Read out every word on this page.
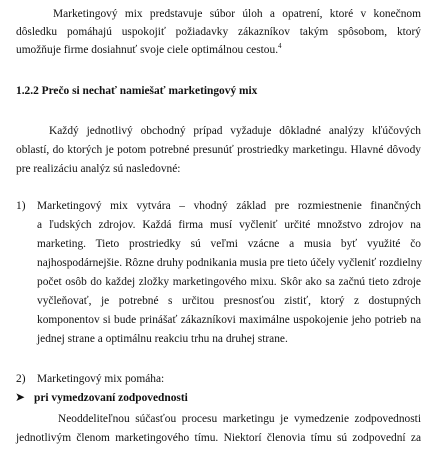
Marketingový mix predstavuje súbor úloh a opatrení, ktoré v konečnom
dôsledku pomáhajú uspokojiť požiadavky zákazníkov takým spôsobom, ktorý
umožňuje firme dosiahnuť svoje ciele optimálnou cestou.$^4$
1.2.2 Prečo si nechať namiešať marketingový mix
Každý jednotlivý obchodný prípad vyžaduje dôkladné analýzy kľúčových
oblastí, do ktorých je potom potrebné presunúť prostriedky marketingu. Hlavné dôvody
pre realizáciu analýz sú nasledovné:
1)	Marketingový mix vytvára – vhodný základ pre rozmiestnenie finančných
a ľudských zdrojov. Každá firma musí vyčleniť určité množstvo zdrojov na
marketing. Tieto prostriedky sú veľmi vzácne a musia byť využité čo
najhospodárnejšie. Rôzne druhy podnikania musia pre tieto účely vyčleniť rozdielny
počet osôb do každej zložky marketingového mixu. Skôr ako sa začnú tieto zdroje
vyčleňovať, je potrebné s určitou presnosťou zistiť, ktorý z dostupných
komponentov si bude prinášať zákazníkovi maximálne uspokojenie jeho potrieb na
jednej strane a optimálnu reakciu trhu na druhej strane.
2)	Marketingový mix pomáha:
➤ pri vymedzovaní zodpovednosti
Neoddeliteľnou súčasťou procesu marketingu je vymedzenie zodpovednosti
jednotlivým členom marketingového tímu. Niektorí členovia tímu sú zodpovední za
